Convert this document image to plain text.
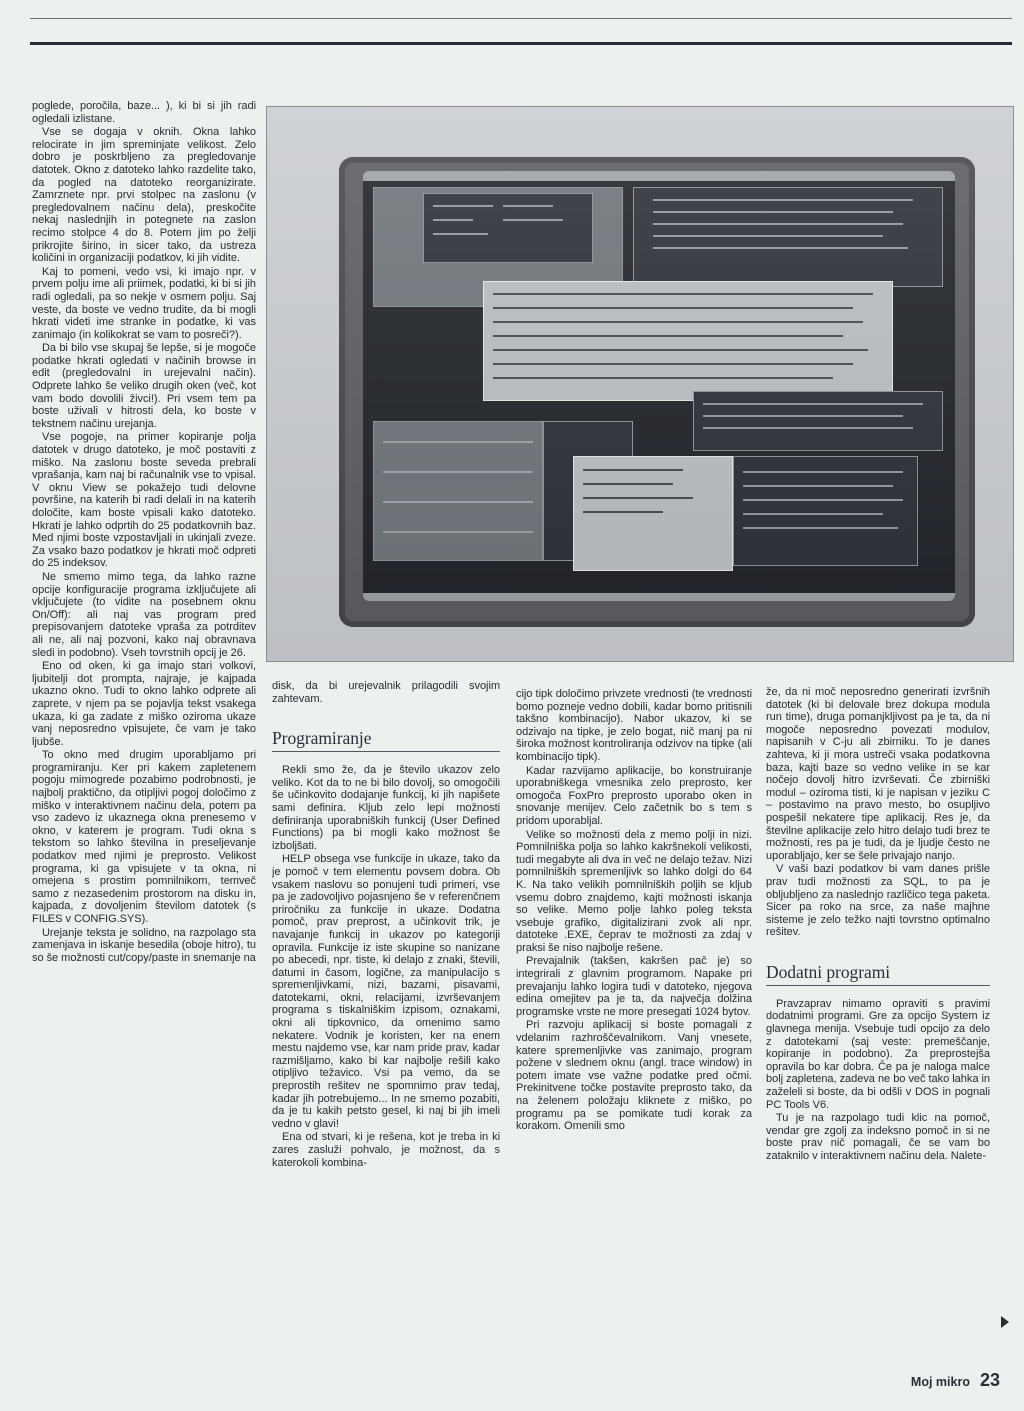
poglede, poročila, baze... ), ki bi si jih radi ogledali izlistane.

Vse se dogaja v oknih. Okna lahko relocirate in jim spreminjate velikost. Zelo dobro je poskrbljeno za pregledovanje datotek. Okno z datoteko lahko razdelite tako, da pogled na datoteko reorganizirate. Zamrznete npr. prvi stolpec na zaslonu (v pregledovalnem načinu dela), preskočite nekaj naslednjih in potegnete na zaslon recimo stolpce 4 do 8. Potem jim po želji prikrojite širino, in sicer tako, da ustreza količini in organizaciji podatkov, ki jih vidite.

Kaj to pomeni, vedo vsi, ki imajo npr. v prvem polju ime ali priimek, podatki, ki bi si jih radi ogledali, pa so nekje v osmem polju. Saj veste, da boste ve vedno trudite, da bi mogli hkrati videti ime stranke in podatke, ki vas zanimajo (in kolikokrat se vam to posreči?).

Da bi bilo vse skupaj še lepše, si je mogoče podatke hkrati ogledati v načinih browse in edit (pregledovalni in urejevalni način). Odprete lahko še veliko drugih oken (več, kot vam bodo dovolili živci!). Pri vsem tem pa boste uživali v hitrosti dela, ko boste v tekstnem načinu urejanja.

Vse pogoje, na primer kopiranje polja datotek v drugo datoteko, je moč postaviti z miško. Na zaslonu boste seveda prebrali vprašanja, kam naj bi računalnik vse to vpisal. V oknu View se pokažejo tudi delovne površine, na katerih bi radi delali in na katerih določite, kam boste vpisali kako datoteko. Hkrati je lahko odprtih do 25 podatkovnih baz. Med njimi boste vzpostavljali in ukinjali zveze. Za vsako bazo podatkov je hkrati moč odpreti do 25 indeksov.

Ne smemo mimo tega, da lahko razne opcije konfiguracije programa izključujete ali vključujete (to vidite na posebnem oknu On/Off): ali naj vas program pred prepisovanjem datoteke vpraša za potrditev ali ne, ali naj pozvoni, kako naj obravnava sledi in podobno). Vseh tovrstnih opcij je 26.

Eno od oken, ki ga imajo stari volkovi, ljubitelji dot prompta, najraje, je kajpada ukazno okno. Tudi to okno lahko odprete ali zaprete, v njem pa se pojavlja tekst vsakega ukaza, ki ga zadate z miško oziroma ukaze vanj neposredno vpisujete, če vam je tako ljubše.

To okno med drugim uporabljamo pri programiranju. Ker pri kakem zapletenem pogoju mimogrede pozabimo podrobnosti, je najbolj praktično, da otipljivi pogoj določimo z miško v interaktivnem načinu dela, potem pa vso zadevo iz ukaznega okna prenesemo v okno, v katerem je program. Tudi okna s tekstom so lahko številna in preseljevanje podatkov med njimi je preprosto. Velikost programa, ki ga vpisujete v ta okna, ni omejena s prostim pomnilnikom, temveč samo z nezasedenim prostorom na disku in, kajpada, z dovoljenim številom datotek (s FILES v CONFIG.SYS).

Urejanje teksta je solidno, na razpolago sta zamenjava in iskanje besedila (oboje hitro), tu so še možnosti cut/copy/paste in snemanje na

disk, da bi urejevalnik prilagodili svojim zahtevam.

Programiranje

Rekli smo že, da je število ukazov zelo veliko. Kot da to ne bi bilo dovolj, so omogočili še učinkovito dodajanje funkcij, ki jih napišete sami definira. Kljub zelo lepi možnosti definiranja uporabniških funkcij (User Defined Functions) pa bi mogli kako možnost še izboljšati.

HELP obsega vse funkcije in ukaze, tako da je pomoč v tem elementu povsem dobra. Ob vsakem naslovu so ponujeni tudi primeri, vse pa je zadovoljivo pojasnjeno še v referenčnem priročniku za funkcije in ukaze. Dodatna pomoč, prav preprost, a učinkovit trik, je navajanje funkcij in ukazov po kategoriji opravila. Funkcije iz iste skupine so nanizane po abecedi, npr. tiste, ki delajo z znaki, števili, datumi in časom, logične, za manipulacijo s spremenljivkami, nizi, bazami, pisavami, datotekami, okni, relacijami, izvrševanjem programa s tiskalniškim izpisom, oznakami, okni ali tipkovnico, da omenimo samo nekatere. Vodnik je koristen, ker na enem mestu najdemo vse, kar nam pride prav, kadar razmišljamo, kako bi kar najbolje rešili kako otipljivo težavico. Vsi pa vemo, da se preprostih rešitev ne spomnimo prav tedaj, kadar jih potrebujemo... In ne smemo pozabiti, da je tu kakih petsto gesel, ki naj bi jih imeli vedno v glavi!

Ena od stvari, ki je rešena, kot je treba in ki zares zasluži pohvalo, je možnost, da s katerokoli kombina-

cijo tipk določimo privzete vrednosti (te vrednosti bomo pozneje vedno dobili, kadar bomo pritisnili takšno kombinacijo). Nabor ukazov, ki se odzivajo na tipke, je zelo bogat, nič manj pa ni široka možnost kontroliranja odzivov na tipke (ali kombinacijo tipk).

Kadar razvijamo aplikacije, bo konstruiranje uporabniškega vmesnika zelo preprosto, ker omogoča FoxPro preprosto uporabo oken in snovanje menijev. Celo začetnik bo s tem s pridom uporabljal.

Velike so možnosti dela z memo polji in nizi. Pomnilniška polja so lahko kakršnekoli velikosti, tudi megabyte ali dva in več ne delajo težav. Nizi pomnilniških spremenljivk so lahko dolgi do 64 K. Na tako velikih pomnilniških poljih se kljub vsemu dobro znajdemo, kajti možnosti iskanja so velike. Memo polje lahko poleg teksta vsebuje grafiko, digitalizirani zvok ali npr. datoteke .EXE, čeprav te možnosti za zdaj v praksi še niso najbolje rešene.

Prevajalnik (takšen, kakršen pač je) so integrirali z glavnim programom. Napake pri prevajanju lahko logira tudi v datoteko, njegova edina omejitev pa je ta, da največja dolžina programske vrste ne more presegati 1024 bytov.

Pri razvoju aplikacij si boste pomagali z vdelanim razhroščevalnikom. Vanj vnesete, katere spremenljivke vas zanimajo, program požene v slednem oknu (angl. trace window) in potem imate vse važne podatke pred očmi. Prekinitvene točke postavite preprosto tako, da na želenem položaju kliknete z miško, po programu pa se pomikate tudi korak za korakom. Omenili smo

že, da ni moč neposredno generirati izvršnih datotek (ki bi delovale brez dokupa modula run time), druga pomanjkljivost pa je ta, da ni mogoče neposredno povezati modulov, napisanih v C-ju ali zbirniku. To je danes zahteva, ki ji mora ustreči vsaka podatkovna baza, kajti baze so vedno velike in se kar nočejo dovolj hitro izvrševati. Če zbirniški modul – oziroma tisti, ki je napisan v jeziku C – postavimo na pravo mesto, bo osupljivo pospešil nekatere tipe aplikacij. Res je, da številne aplikacije zelo hitro delajo tudi brez te možnosti, res pa je tudi, da je ljudje često ne uporabljajo, ker se šele privajajo nanjo.

V vaši bazi podatkov bi vam danes prišle prav tudi možnosti za SQL, to pa je obljubljeno za naslednjo različico tega paketa. Sicer pa roko na srce, za naše majhne sisteme je zelo težko najti tovrstno optimalno rešitev.

Dodatni programi

Pravzaprav nimamo opraviti s pravimi dodatnimi programi. Gre za opcijo System iz glavnega menija. Vsebuje tudi opcijo za delo z datotekami (saj veste: premeščanje, kopiranje in podobno). Za preprostejša opravila bo kar dobra. Če pa je naloga malce bolj zapletena, zadeva ne bo več tako lahka in zaželeli si boste, da bi odšli v DOS in pognali PC Tools V6.

Tu je na razpolago tudi klic na pomoč, vendar gre zgolj za indeksno pomoč in si ne boste prav nič pomagali, če se vam bo zataknilo v interaktivnem načinu dela. Nalete-

Moj mikro 23
